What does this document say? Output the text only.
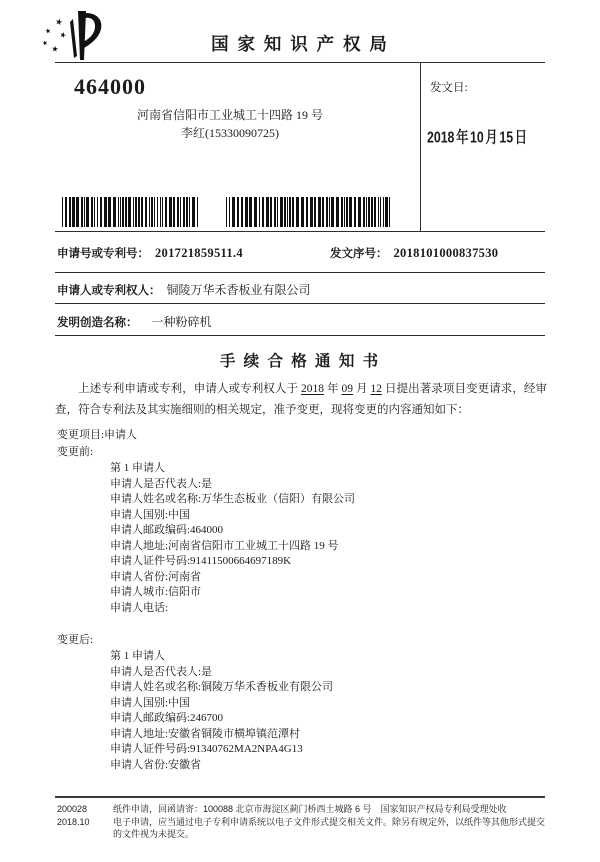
国 家 知 识 产 权 局
464000
河南省信阳市工业城工十四路 19 号
李红(15330090725)
发文日:
2018 年 10 月 15 日
申请号或专利号： 201721859511.4	发文序号： 2018101000837530
申请人或专利权人： 铜陵万华禾香板业有限公司
发明创造名称： 一种粉碎机
手 续 合 格 通 知 书
上述专利申请或专利，申请人或专利权人于 2018 年 09 月 12 日提出著录项目变更请求，经审查，符合专利法及其实施细则的相关规定，准予变更，现将变更的内容通知如下：
变更项目:申请人
变更前:
第 1 申请人
申请人是否代表人:是
申请人姓名或名称:万华生态板业（信阳）有限公司
申请人国别:中国
申请人邮政编码:464000
申请人地址:河南省信阳市工业城工十四路 19 号
申请人证件号码:91411500664697189K
申请人省份:河南省
申请人城市:信阳市
申请人电话:
变更后:
第 1 申请人
申请人是否代表人:是
申请人姓名或名称:铜陵万华禾香板业有限公司
申请人国别:中国
申请人邮政编码:246700
申请人地址:安徽省铜陵市横埠镇范潭村
申请人证件号码:91340762MA2NPA4G13
申请人省份:安徽省
200028
2018.10
纸件申请，回函请寄：100088 北京市海淀区蓟门桥西土城路 6 号　国家知识产权局专利局受理处收
电子申请，应当通过电子专利申请系统以电子文件形式提交相关文件。除另有规定外，以纸件等其他形式提交的文件视为未提交。
